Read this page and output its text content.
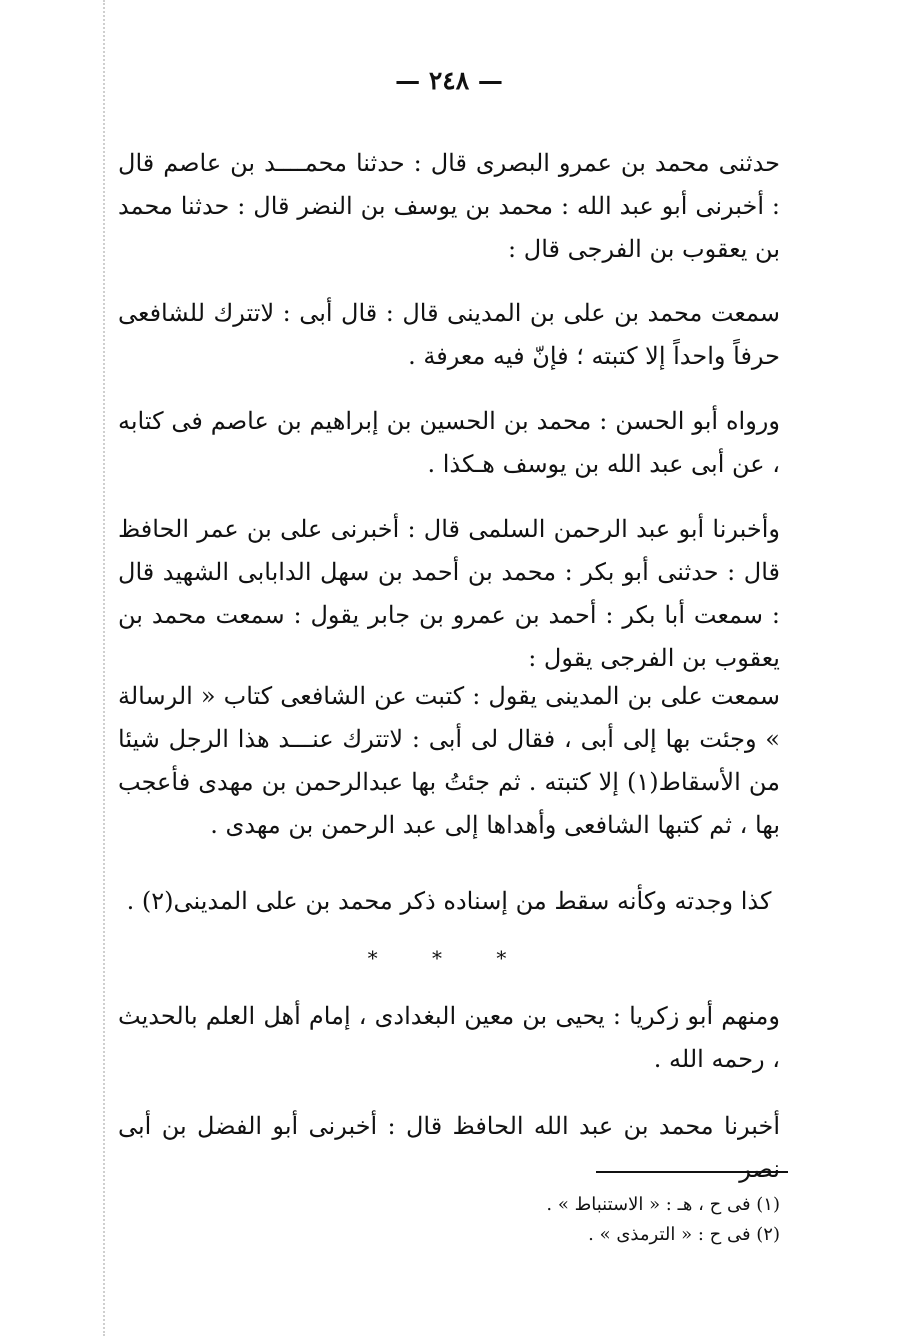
— ٢٤٨ —
حدثنى محمد بن عمرو البصرى قال : حدثنا محمــــد بن عاصم قال : أخبرنى أبو عبد الله : محمد بن يوسف بن النضر قال : حدثنا محمد بن يعقوب بن الفرجى قال :
سمعت محمد بن على بن المدينى قال : قال أبى : لاتترك للشافعى حرفاً واحداً إلا كتبته ؛ فإنّ فيه معرفة .
ورواه أبو الحسن : محمد بن الحسين بن إبراهيم بن عاصم فى كتابه ، عن أبى عبد الله بن يوسف هـكذا .
وأخبرنا أبو عبد الرحمن السلمى قال : أخبرنى على بن عمر الحافظ قال : حدثنى أبو بكر : محمد بن أحمد بن سهل الدابابى الشهيد قال : سمعت أبا بكر : أحمد بن عمرو بن جابر يقول : سمعت محمد بن يعقوب بن الفرجى يقول :
سمعت على بن المدينى يقول : كتبت عن الشافعى كتاب « الرسالة » وجئت بها إلى أبى ، فقال لى أبى : لاتترك عنـــد هذا الرجل شيئا من الأسقاط(١) إلا كتبته . ثم جئتُ بها عبدالرحمن بن مهدى فأعجب بها ، ثم كتبها الشافعى وأهداها إلى عبد الرحمن بن مهدى .
كذا وجدته وكأنه سقط من إسناده ذكر محمد بن على المدينى(٢) .
* * *
ومنهم أبو زكريا : يحيى بن معين البغدادى ، إمام أهل العلم بالحديث ، رحمه الله .
أخبرنا محمد بن عبد الله الحافظ قال : أخبرنى أبو الفضل بن أبى نصر
(١) فى ح ، هـ : « الاستنباط » .
(٢) فى ح : « الترمذى » .
